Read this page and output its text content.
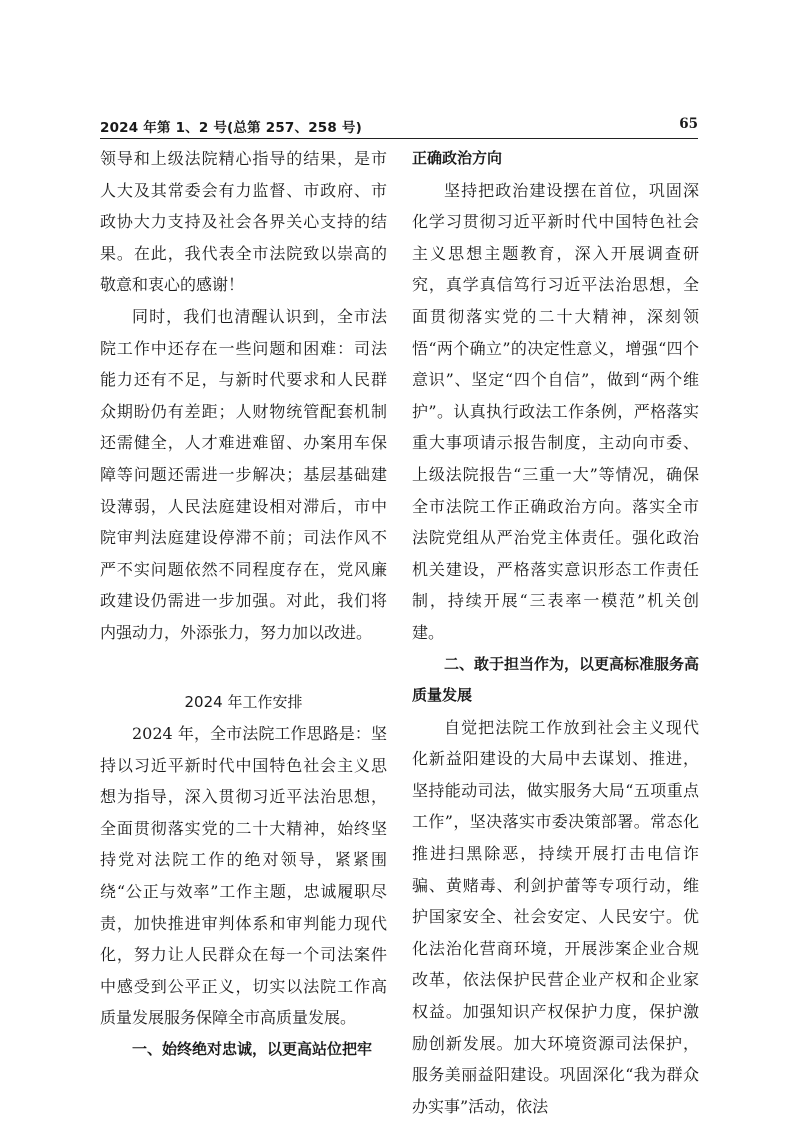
2024 年第 1、2 号(总第 257、258 号)	65

领导和上级法院精心指导的结果，是市人大及其常委会有力监督、市政府、市政协大力支持及社会各界关心支持的结果。在此，我代表全市法院致以崇高的敬意和衷心的感谢！

同时，我们也清醒认识到，全市法院工作中还存在一些问题和困难：司法能力还有不足，与新时代要求和人民群众期盼仍有差距；人财物统管配套机制还需健全，人才难进难留、办案用车保障等问题还需进一步解决；基层基础建设薄弱，人民法庭建设相对滞后，市中院审判法庭建设停滞不前；司法作风不严不实问题依然不同程度存在，党风廉政建设仍需进一步加强。对此，我们将内强动力，外添张力，努力加以改进。

2024 年工作安排

2024 年，全市法院工作思路是：坚持以习近平新时代中国特色社会主义思想为指导，深入贯彻习近平法治思想，全面贯彻落实党的二十大精神，始终坚持党对法院工作的绝对领导，紧紧围绕“公正与效率”工作主题，忠诚履职尽责，加快推进审判体系和审判能力现代化，努力让人民群众在每一个司法案件中感受到公平正义，切实以法院工作高质量发展服务保障全市高质量发展。

一、始终绝对忠诚，以更高站位把牢

正确政治方向

坚持把政治建设摆在首位，巩固深化学习贯彻习近平新时代中国特色社会主义思想主题教育，深入开展调查研究，真学真信笃行习近平法治思想，全面贯彻落实党的二十大精神，深刻领悟“两个确立”的决定性意义，增强“四个意识”、坚定“四个自信”，做到“两个维护”。认真执行政法工作条例，严格落实重大事项请示报告制度，主动向市委、上级法院报告“三重一大”等情况，确保全市法院工作正确政治方向。落实全市法院党组从严治党主体责任。强化政治机关建设，严格落实意识形态工作责任制，持续开展“三表率一模范”机关创建。

二、敢于担当作为，以更高标准服务高质量发展

自觉把法院工作放到社会主义现代化新益阳建设的大局中去谋划、推进，坚持能动司法，做实服务大局“五项重点工作”，坚决落实市委决策部署。常态化推进扫黑除恶，持续开展打击电信诈骗、黄赌毒、利剑护蕾等专项行动，维护国家安全、社会安定、人民安宁。优化法治化营商环境，开展涉案企业合规改革，依法保护民营企业产权和企业家权益。加强知识产权保护力度，保护激励创新发展。加大环境资源司法保护，服务美丽益阳建设。巩固深化“我为群众办实事”活动，依法
